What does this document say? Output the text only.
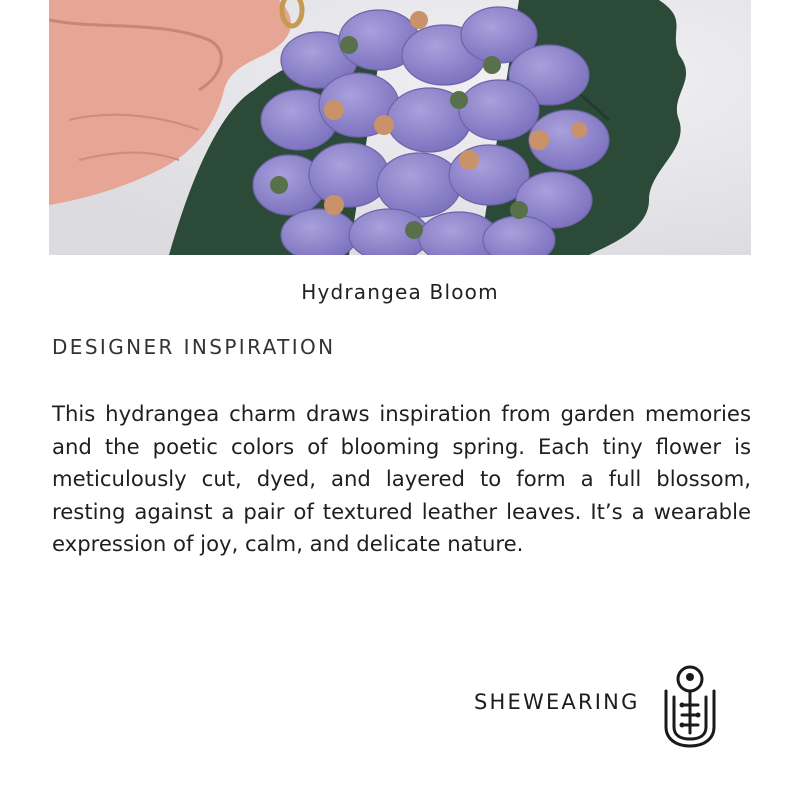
Hydrangea Bloom
DESIGNER INSPIRATION

This hydrangea charm draws inspiration from garden memories and the poetic colors of blooming spring. Each tiny flower is meticulously cut, dyed, and layered to form a full blossom, resting against a pair of textured leather leaves. It’s a wearable expression of joy, calm, and delicate nature.

SHEWEARING
